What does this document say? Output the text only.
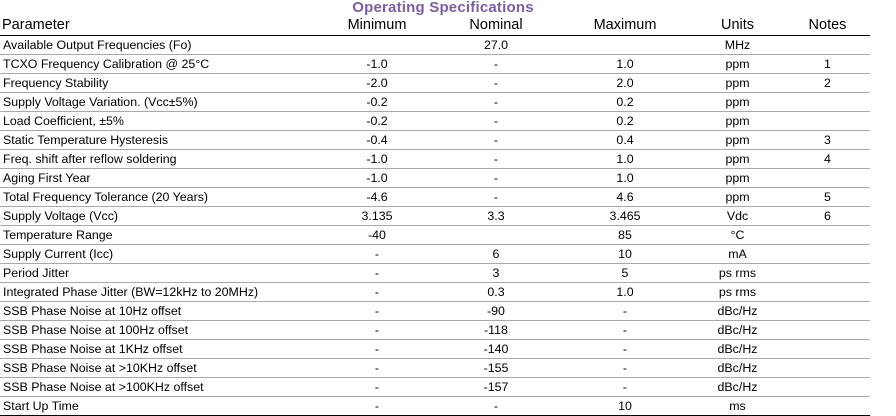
Operating Specifications
Parameter	Minimum	Nominal	Maximum	Units	Notes
Available Output Frequencies (Fo)		27.0		MHz	
TCXO Frequency Calibration @ 25°C	-1.0	-	1.0	ppm	1
Frequency Stability	-2.0	-	2.0	ppm	2
Supply Voltage Variation. (Vcc±5%)	-0.2	-	0.2	ppm	
Load Coefficient, ±5%	-0.2	-	0.2	ppm	
Static Temperature Hysteresis	-0.4	-	0.4	ppm	3
Freq. shift after reflow soldering	-1.0	-	1.0	ppm	4
Aging First Year	-1.0	-	1.0	ppm	
Total Frequency Tolerance (20 Years)	-4.6	-	4.6	ppm	5
Supply Voltage (Vcc)	3.135	3.3	3.465	Vdc	6
Temperature Range	-40		85	°C	
Supply Current (Icc)	-	6	10	mA	
Period Jitter	-	3	5	ps rms	
Integrated Phase Jitter (BW=12kHz to 20MHz)	-	0.3	1.0	ps rms	
SSB Phase Noise at 10Hz offset	-	-90	-	dBc/Hz	
SSB Phase Noise at 100Hz offset	-	-118	-	dBc/Hz	
SSB Phase Noise at 1KHz offset	-	-140	-	dBc/Hz	
SSB Phase Noise at >10KHz offset	-	-155	-	dBc/Hz	
SSB Phase Noise at >100KHz offset	-	-157	-	dBc/Hz	
Start Up Time	-	-	10	ms	
